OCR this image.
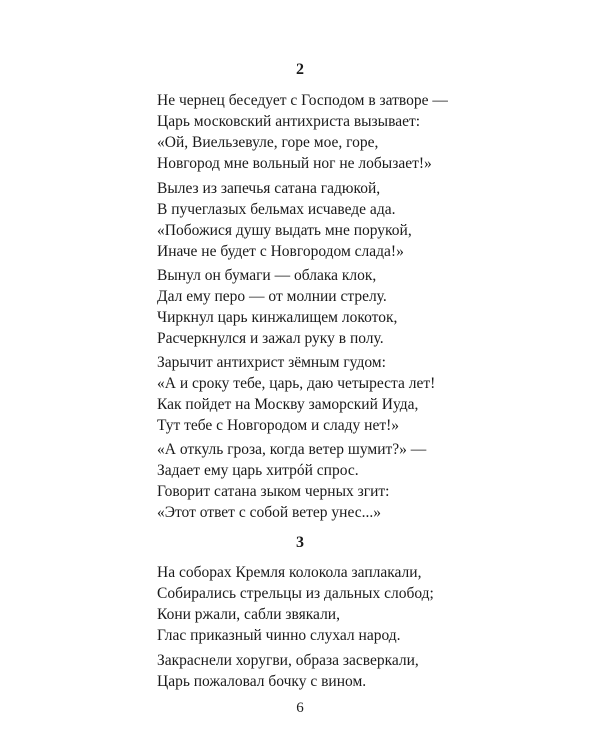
2
Не чернец беседует с Господом в затворе —
Царь московский антихриста вызывает:
«Ой, Виельзевуле, горе мое, горе,
Новгород мне вольный ног не лобызает!»
Вылез из запечья сатана гадюкой,
В пучеглазых бельмах исчаведе ада.
«Побожися душу выдать мне порукой,
Иначе не будет с Новгородом слада!»
Вынул он бумаги — облака клок,
Дал ему перо — от молнии стрелу.
Чиркнул царь кинжалищем локоток,
Расчеркнулся и зажал руку в полу.
Зарычит антихрист зёмным гудом:
«А и сроку тебе, царь, даю четыреста лет!
Как пойдет на Москву заморский Иуда,
Тут тебе с Новгородом и сладу нет!»
«А откуль гроза, когда ветер шумит?» —
Задает ему царь хитрóй спрос.
Говорит сатана зыком черных згит:
«Этот ответ с собой ветер унес...»
3
На соборах Кремля колокола заплакали,
Собирались стрельцы из дальных слобод;
Кони ржали, сабли звякали,
Глас приказный чинно слухал народ.
Закраснели хоругви, образа засверкали,
Царь пожаловал бочку с вином.
6
